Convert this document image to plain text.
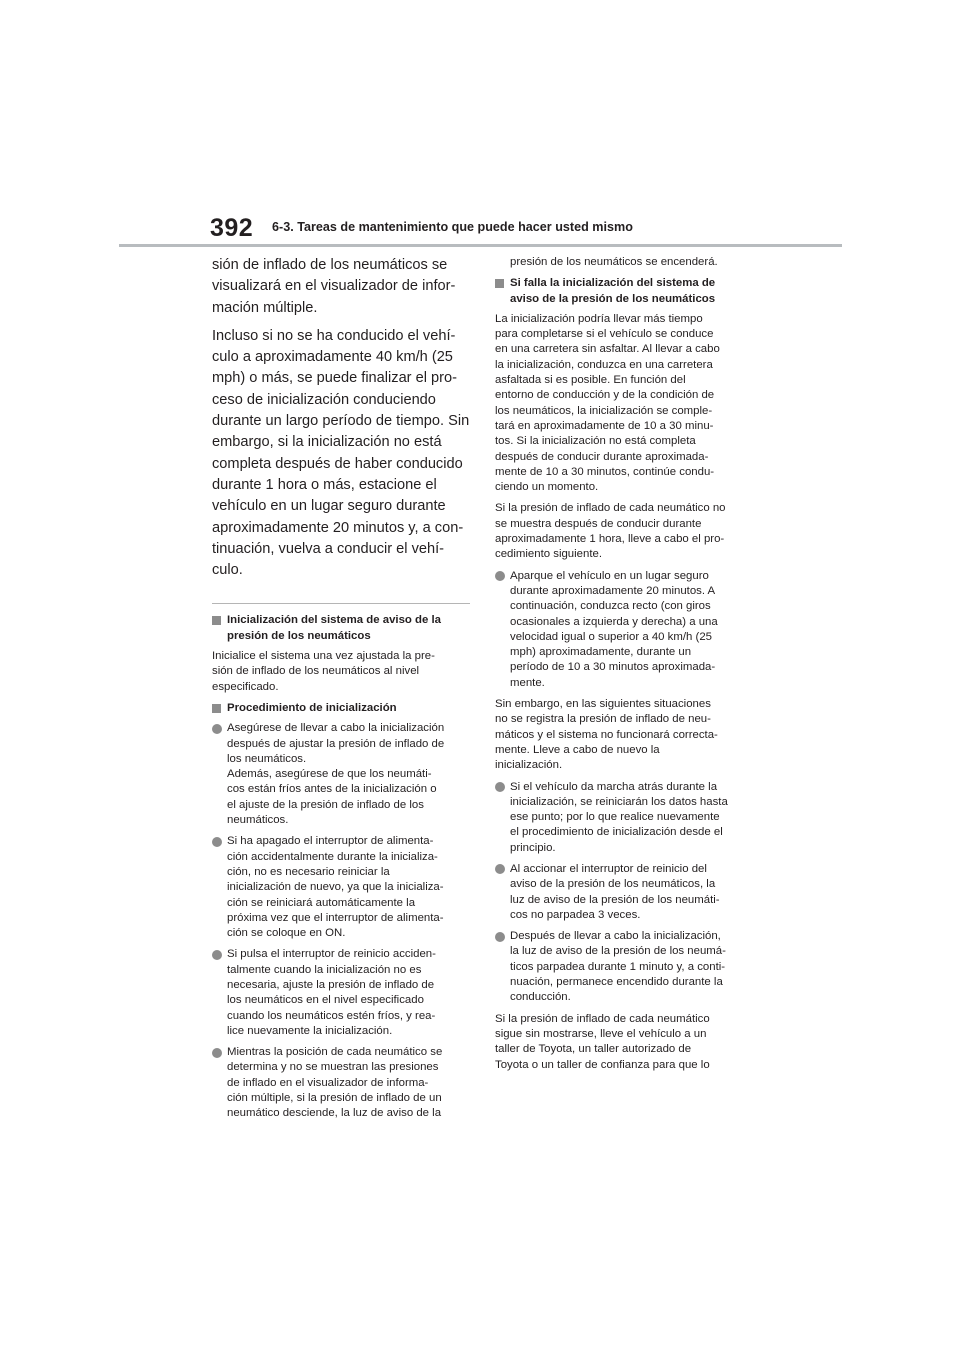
392 6-3. Tareas de mantenimiento que puede hacer usted mismo

sión de inflado de los neumáticos se
visualizará en el visualizador de infor-
mación múltiple.

Incluso si no se ha conducido el vehí-
culo a aproximadamente 40 km/h (25
mph) o más, se puede finalizar el pro-
ceso de inicialización conduciendo
durante un largo período de tiempo. Sin
embargo, si la inicialización no está
completa después de haber conducido
durante 1 hora o más, estacione el
vehículo en un lugar seguro durante
aproximadamente 20 minutos y, a con-
tinuación, vuelva a conducir el vehí-
culo.

Inicialización del sistema de aviso de la
presión de los neumáticos

Inicialice el sistema una vez ajustada la pre-
sión de inflado de los neumáticos al nivel
especificado.

Procedimiento de inicialización
Asegúrese de llevar a cabo la inicialización
después de ajustar la presión de inflado de
los neumáticos.
Además, asegúrese de que los neumáti-
cos están fríos antes de la inicialización o
el ajuste de la presión de inflado de los
neumáticos.
Si ha apagado el interruptor de alimenta-
ción accidentalmente durante la inicializa-
ción, no es necesario reiniciar la
inicialización de nuevo, ya que la inicializa-
ción se reiniciará automáticamente la
próxima vez que el interruptor de alimenta-
ción se coloque en ON.
Si pulsa el interruptor de reinicio acciden-
talmente cuando la inicialización no es
necesaria, ajuste la presión de inflado de
los neumáticos en el nivel especificado
cuando los neumáticos estén fríos, y rea-
lice nuevamente la inicialización.
Mientras la posición de cada neumático se
determina y no se muestran las presiones
de inflado en el visualizador de informa-
ción múltiple, si la presión de inflado de un
neumático desciende, la luz de aviso de la

presión de los neumáticos se encenderá.

Si falla la inicialización del sistema de
aviso de la presión de los neumáticos

La inicialización podría llevar más tiempo
para completarse si el vehículo se conduce
en una carretera sin asfaltar. Al llevar a cabo
la inicialización, conduzca en una carretera
asfaltada si es posible. En función del
entorno de conducción y de la condición de
los neumáticos, la inicialización se comple-
tará en aproximadamente de 10 a 30 minu-
tos. Si la inicialización no está completa
después de conducir durante aproximada-
mente de 10 a 30 minutos, continúe condu-
ciendo un momento.

Si la presión de inflado de cada neumático no
se muestra después de conducir durante
aproximadamente 1 hora, lleve a cabo el pro-
cedimiento siguiente.

Aparque el vehículo en un lugar seguro
durante aproximadamente 20 minutos. A
continuación, conduzca recto (con giros
ocasionales a izquierda y derecha) a una
velocidad igual o superior a 40 km/h (25
mph) aproximadamente, durante un
período de 10 a 30 minutos aproximada-
mente.

Sin embargo, en las siguientes situaciones
no se registra la presión de inflado de neu-
máticos y el sistema no funcionará correcta-
mente. Lleve a cabo de nuevo la
inicialización.

Si el vehículo da marcha atrás durante la
inicialización, se reiniciarán los datos hasta
ese punto; por lo que realice nuevamente
el procedimiento de inicialización desde el
principio.
Al accionar el interruptor de reinicio del
aviso de la presión de los neumáticos, la
luz de aviso de la presión de los neumáti-
cos no parpadea 3 veces.
Después de llevar a cabo la inicialización,
la luz de aviso de la presión de los neumá-
ticos parpadea durante 1 minuto y, a conti-
nuación, permanece encendido durante la
conducción.

Si la presión de inflado de cada neumático
sigue sin mostrarse, lleve el vehículo a un
taller de Toyota, un taller autorizado de
Toyota o un taller de confianza para que lo
